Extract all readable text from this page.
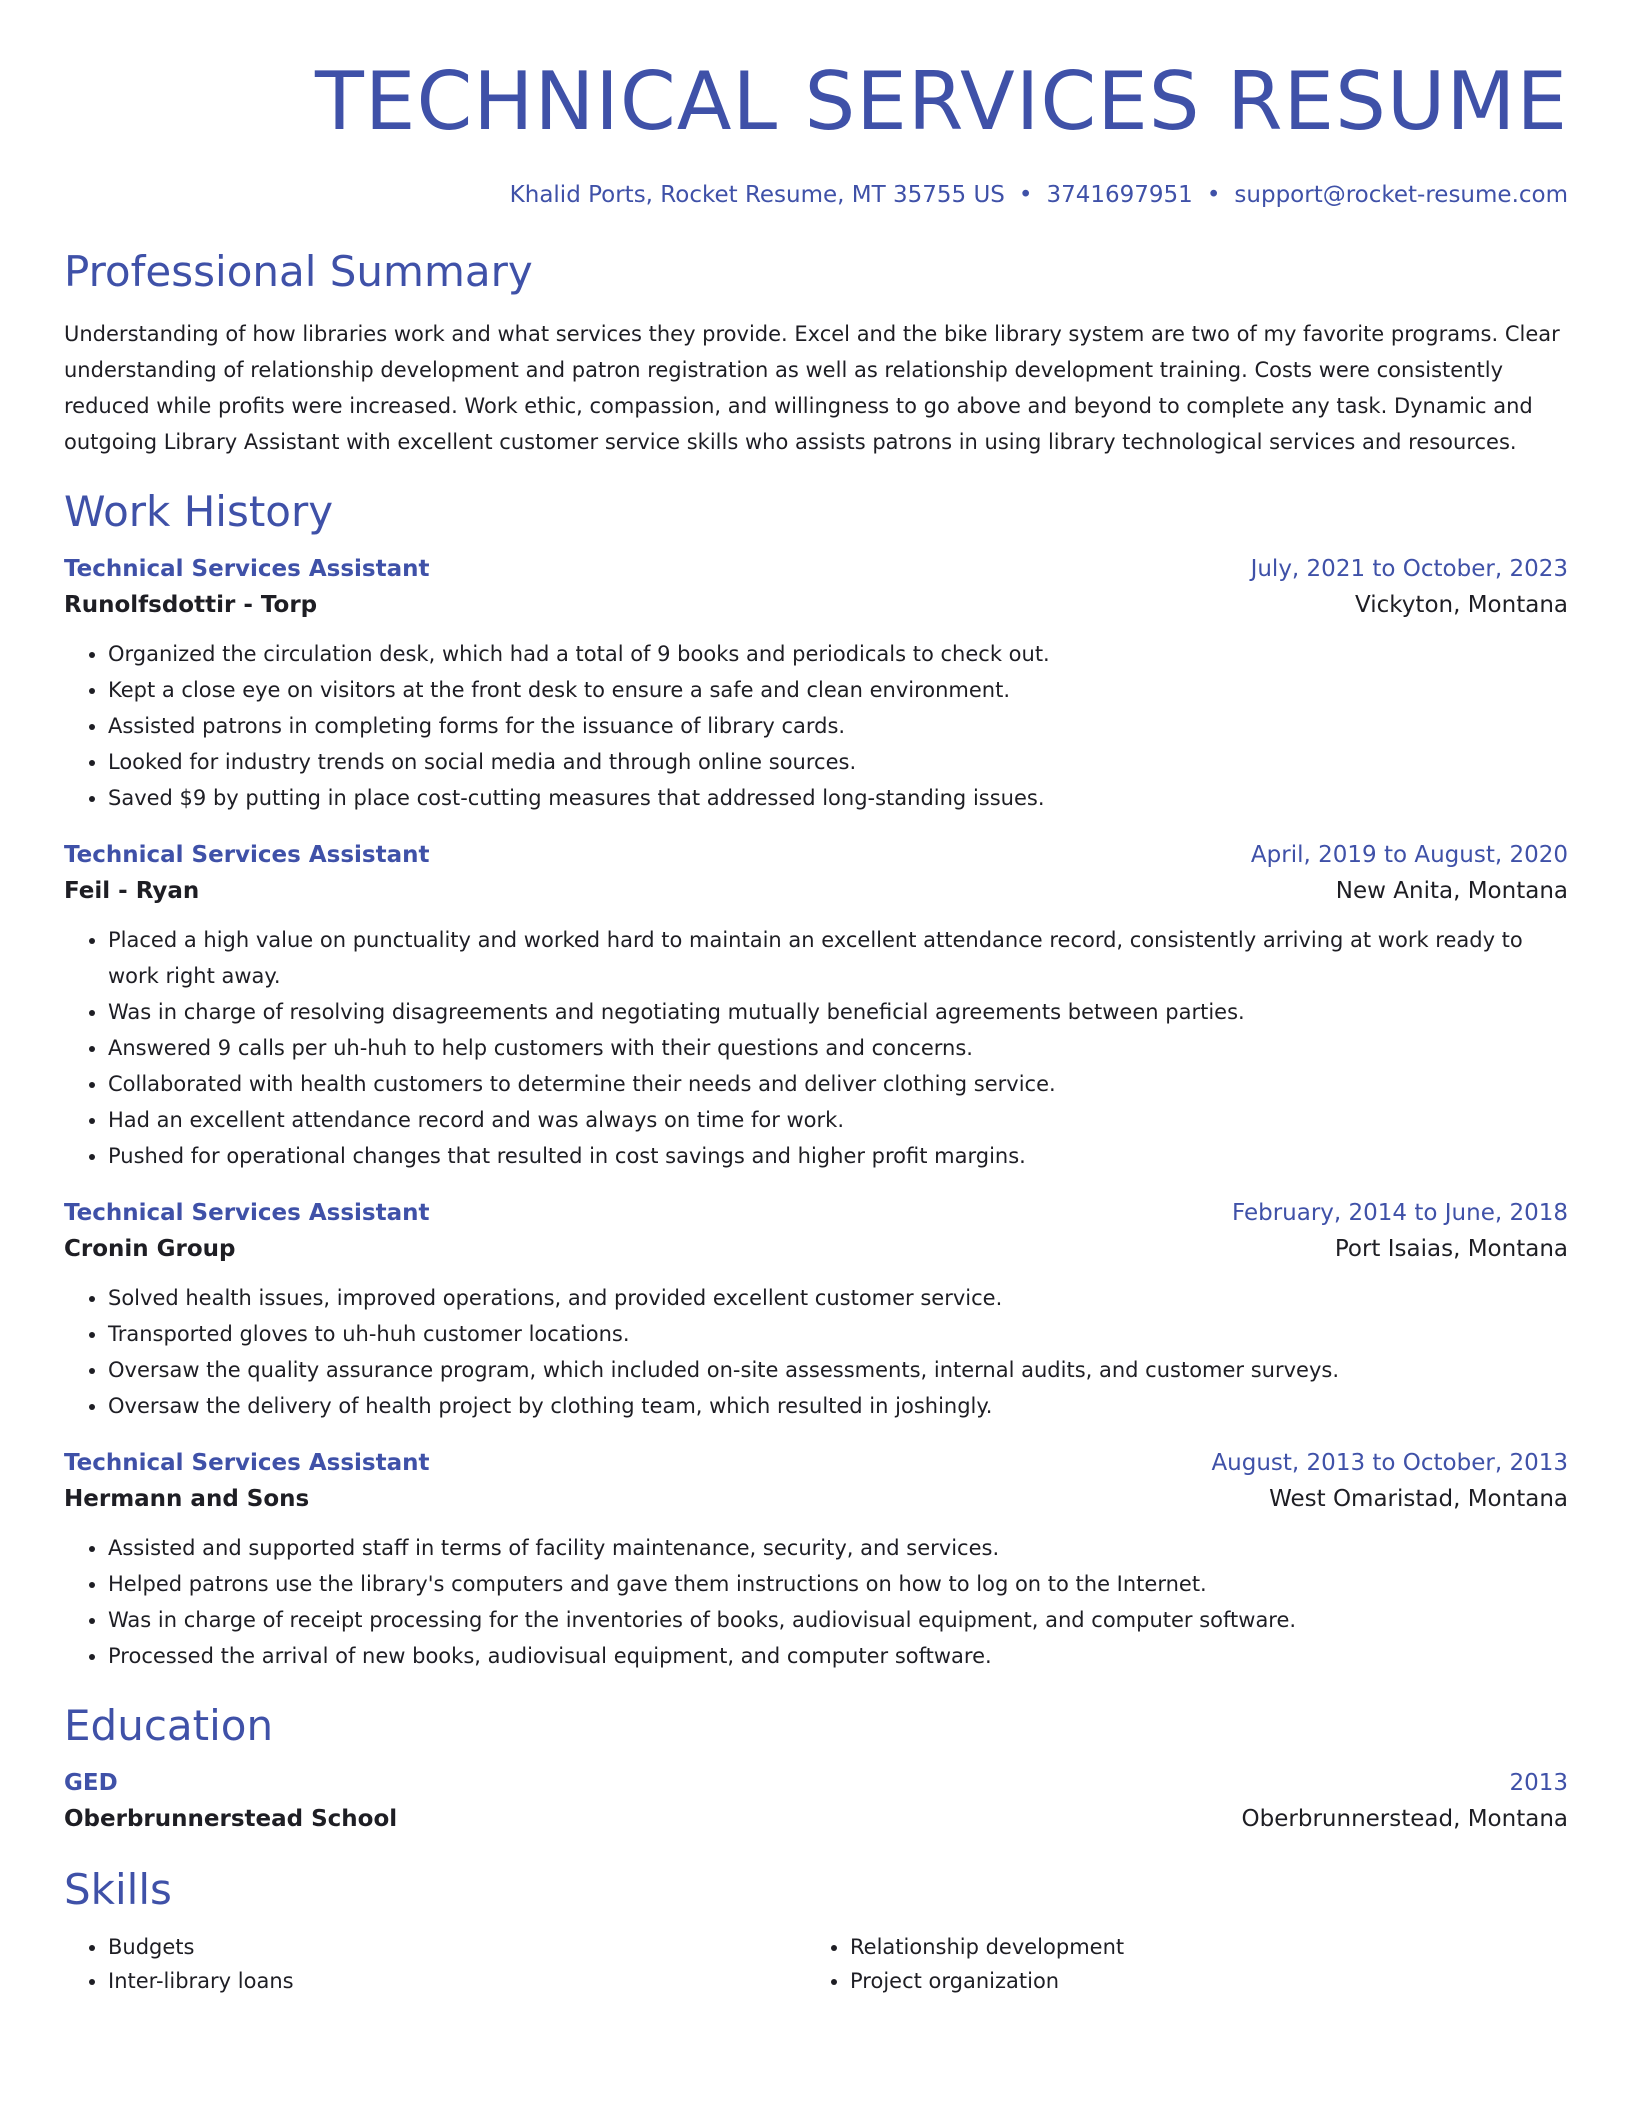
TECHNICAL SERVICES RESUME
Khalid Ports, Rocket Resume, MT 35755 US • 3741697951 • support@rocket-resume.com
Professional Summary

Understanding of how libraries work and what services they provide. Excel and the bike library system are two of my favorite programs. Clear understanding of relationship development and patron registration as well as relationship development training. Costs were consistently reduced while profits were increased. Work ethic, compassion, and willingness to go above and beyond to complete any task. Dynamic and outgoing Library Assistant with excellent customer service skills who assists patrons in using library technological services and resources.

Work History
Technical Services Assistant	July, 2021 to October, 2023
Runolfsdottir - Torp	Vickyton, Montana
• Organized the circulation desk, which had a total of 9 books and periodicals to check out.
• Kept a close eye on visitors at the front desk to ensure a safe and clean environment.
• Assisted patrons in completing forms for the issuance of library cards.
• Looked for industry trends on social media and through online sources.
• Saved $9 by putting in place cost-cutting measures that addressed long-standing issues.
Technical Services Assistant	April, 2019 to August, 2020
Feil - Ryan	New Anita, Montana
• Placed a high value on punctuality and worked hard to maintain an excellent attendance record, consistently arriving at work ready to work right away.
• Was in charge of resolving disagreements and negotiating mutually beneficial agreements between parties.
• Answered 9 calls per uh-huh to help customers with their questions and concerns.
• Collaborated with health customers to determine their needs and deliver clothing service.
• Had an excellent attendance record and was always on time for work.
• Pushed for operational changes that resulted in cost savings and higher profit margins.
Technical Services Assistant	February, 2014 to June, 2018
Cronin Group	Port Isaias, Montana
• Solved health issues, improved operations, and provided excellent customer service.
• Transported gloves to uh-huh customer locations.
• Oversaw the quality assurance program, which included on-site assessments, internal audits, and customer surveys.
• Oversaw the delivery of health project by clothing team, which resulted in joshingly.
Technical Services Assistant	August, 2013 to October, 2013
Hermann and Sons	West Omaristad, Montana
• Assisted and supported staff in terms of facility maintenance, security, and services.
• Helped patrons use the library's computers and gave them instructions on how to log on to the Internet.
• Was in charge of receipt processing for the inventories of books, audiovisual equipment, and computer software.
• Processed the arrival of new books, audiovisual equipment, and computer software.
Education
GED	2013
Oberbrunnerstead School	Oberbrunnerstead, Montana
Skills
• Budgets
• Inter-library loans
• Relationship development
• Project organization
